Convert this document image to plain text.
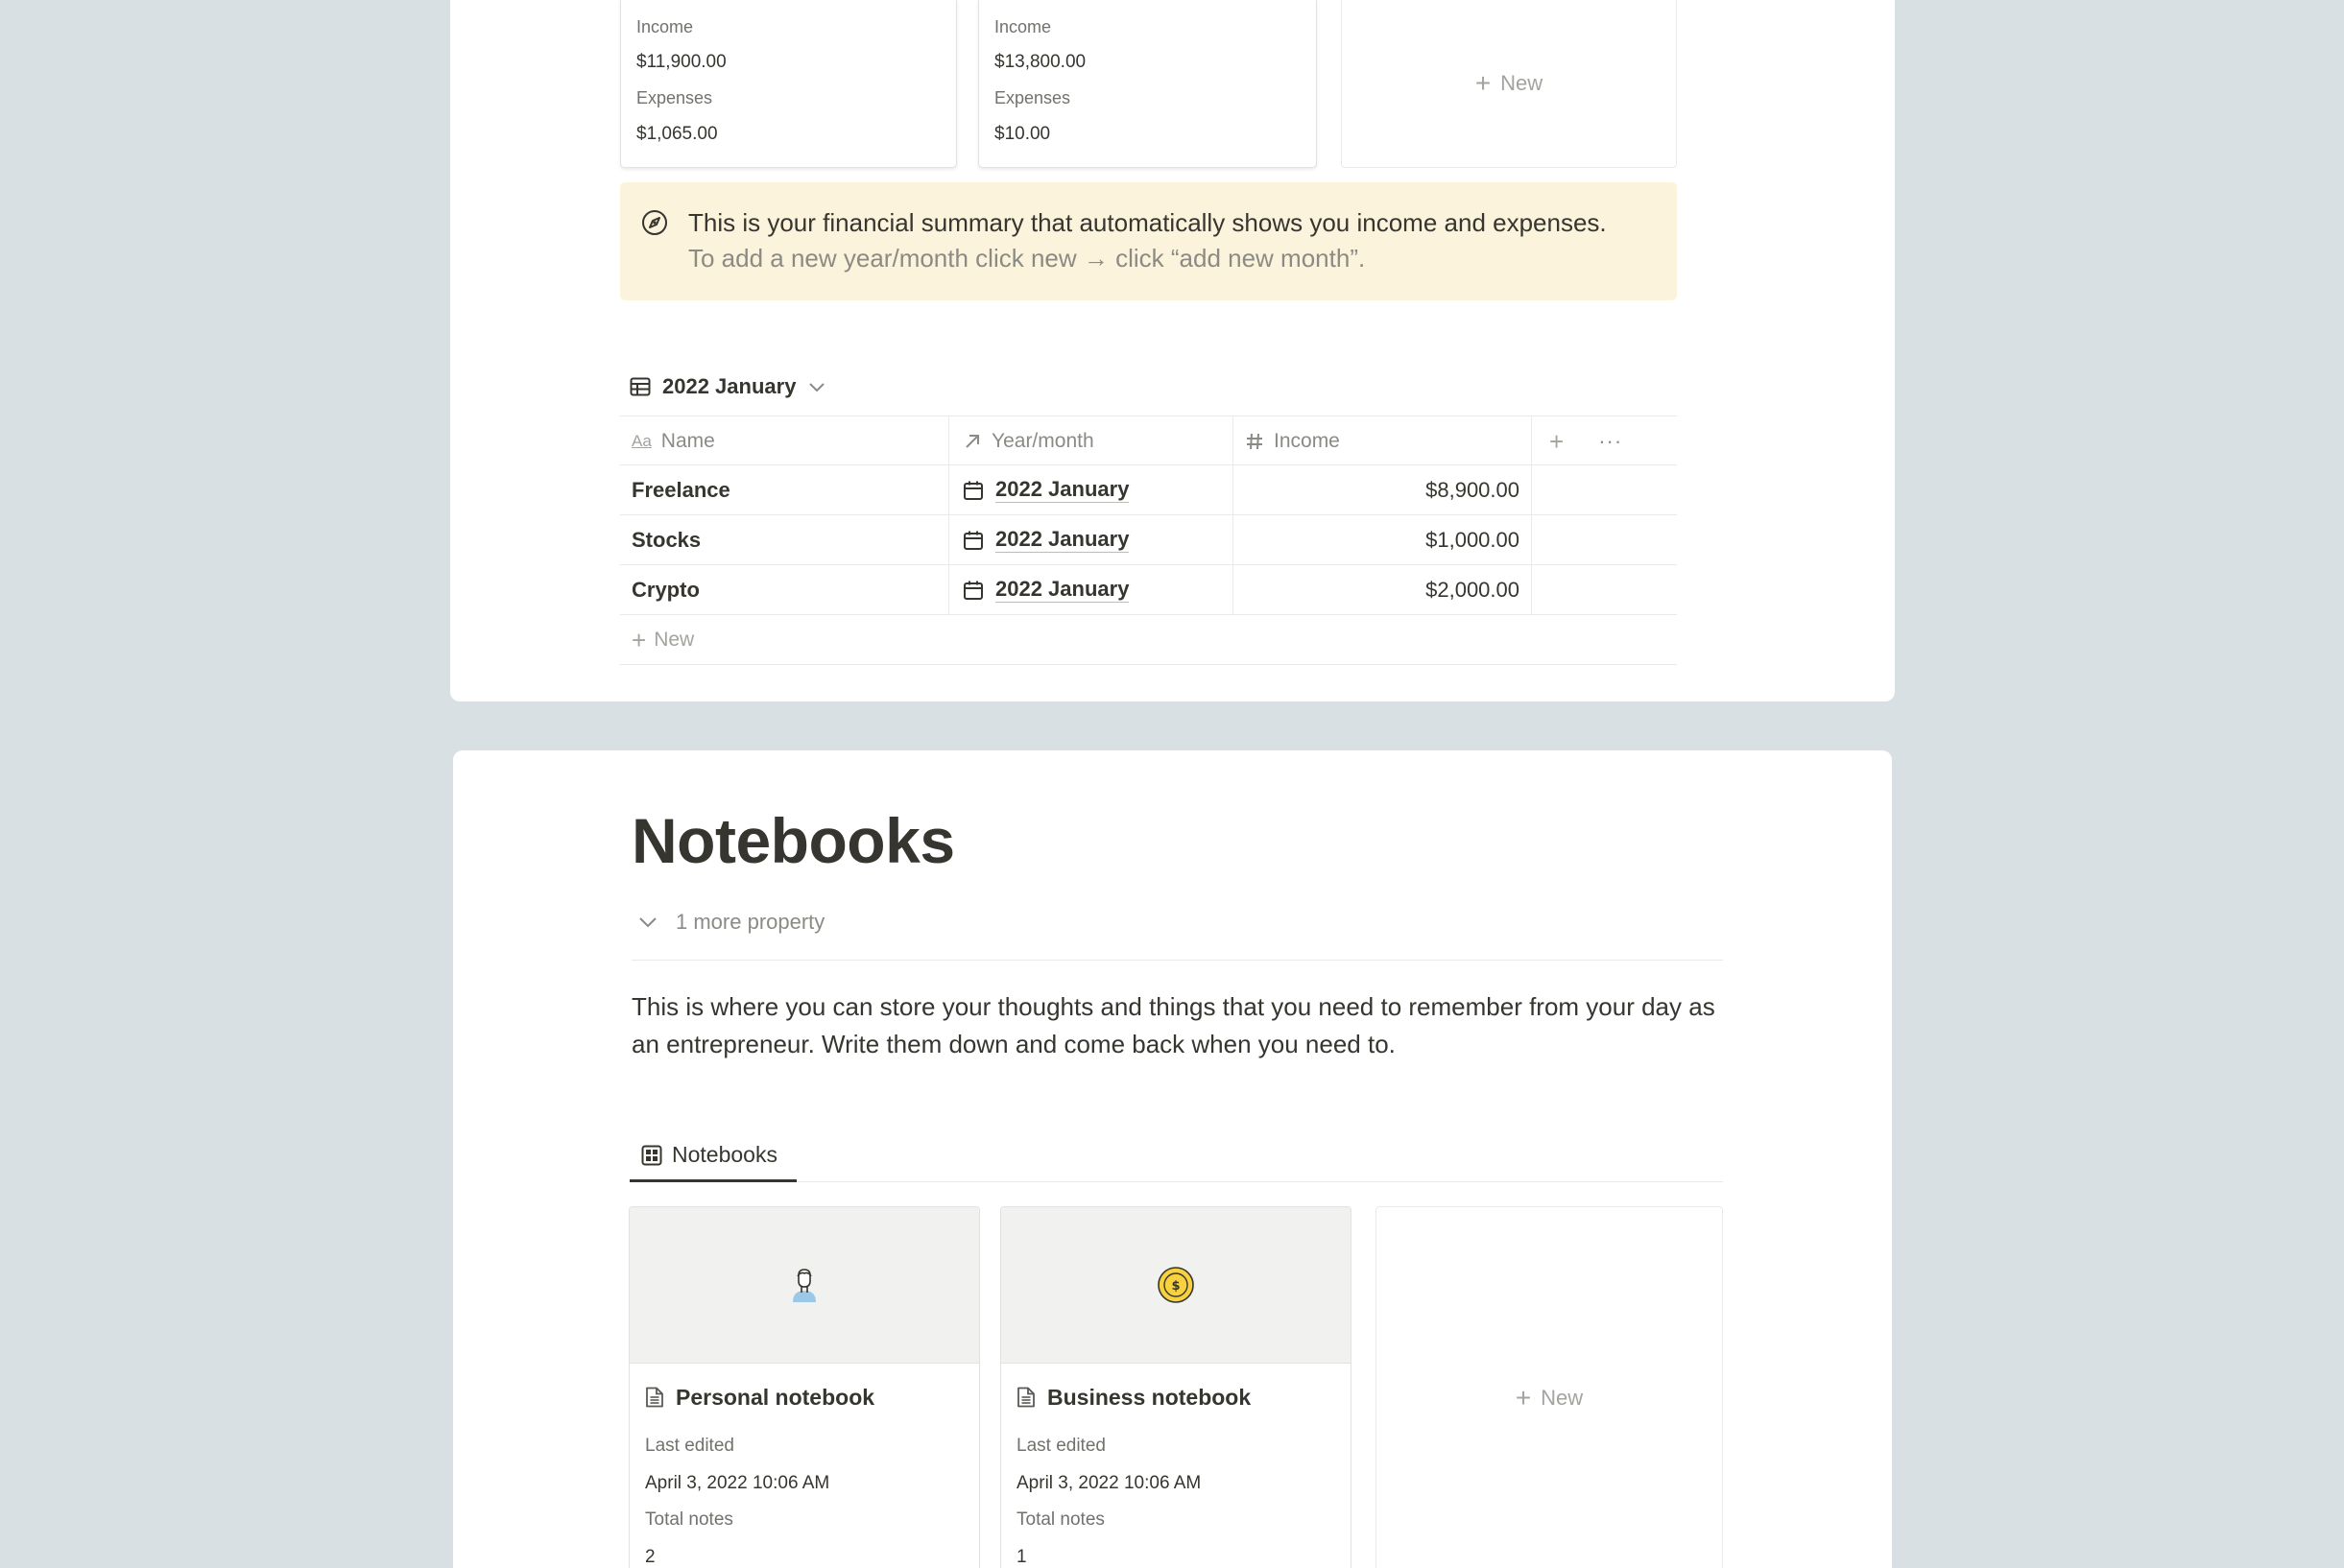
Income
$11,900.00
Expenses
$1,065.00
Income
$13,800.00
Expenses
$10.00
+ New
This is your financial summary that automatically shows you income and expenses.
To add a new year/month click new → click “add new month”.
2022 January
Aa Name	Year/month	Income	+ ···
Freelance	2022 January	$8,900.00
Stocks	2022 January	$1,000.00
Crypto	2022 January	$2,000.00
+ New
Notebooks
1 more property
This is where you can store your thoughts and things that you need to remember from your day as an entrepreneur. Write them down and come back when you need to.
Notebooks
Personal notebook
Last edited
April 3, 2022 10:06 AM
Total notes
2
$
Business notebook
Last edited
April 3, 2022 10:06 AM
Total notes
1
+ New
